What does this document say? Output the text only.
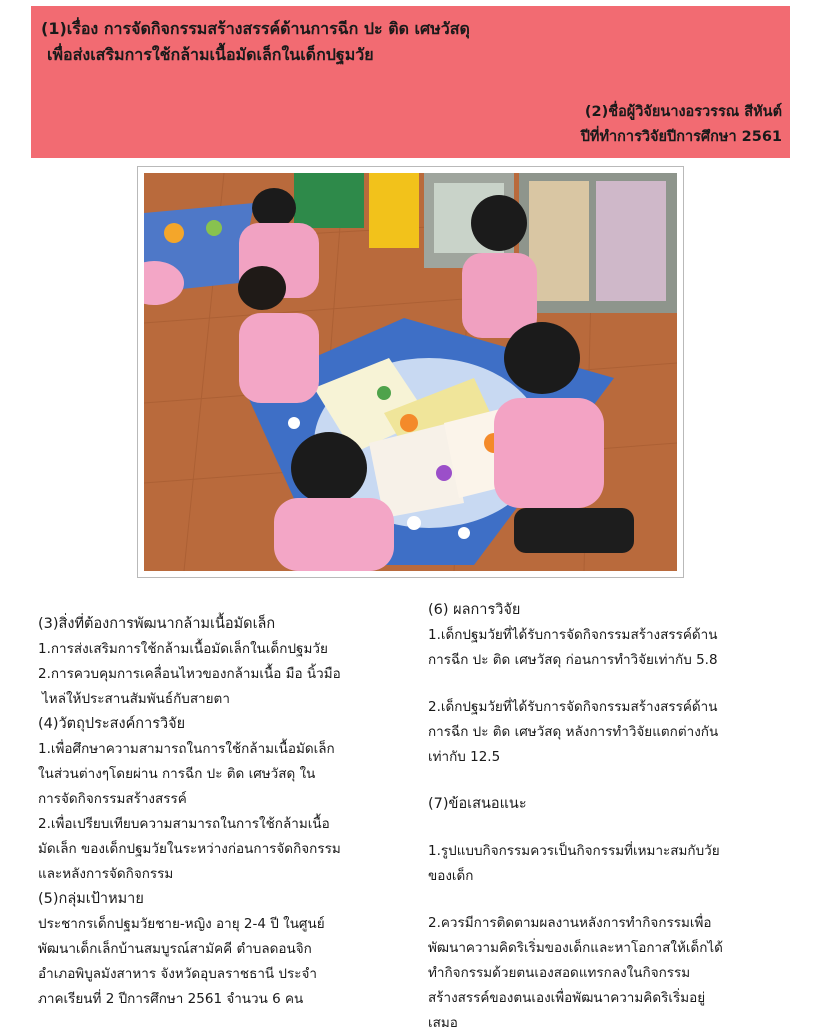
(1)เรื่อง การจัดกิจกรรมสร้างสรรค์ด้านการฉีก ปะ ติด เศษวัสดุ
เพื่อส่งเสริมการใช้กล้ามเนื้อมัดเล็กในเด็กปฐมวัย
(2)ชื่อผู้วิจัยนางอรวรรณ สีหันต์
ปีที่ทำการวิจัยปีการศึกษา 2561

(3)สิ่งที่ต้องการพัฒนากล้ามเนื้อมัดเล็ก

1.การส่งเสริมการใช้กล้ามเนื้อมัดเล็กในเด็กปฐมวัย

2.การควบคุมการเคลื่อนไหวของกล้ามเนื้อ มือ นิ้วมือ

ไหล่ให้ประสานสัมพันธ์กับสายตา

(4)วัตถุประสงค์การวิจัย

1.เพื่อศึกษาความสามารถในการใช้กล้ามเนื้อมัดเล็ก

ในส่วนต่างๆโดยผ่าน การฉีก ปะ ติด เศษวัสดุ ใน

การจัดกิจกรรมสร้างสรรค์

2.เพื่อเปรียบเทียบความสามารถในการใช้กล้ามเนื้อ

มัดเล็ก ของเด็กปฐมวัยในระหว่างก่อนการจัดกิจกรรม

และหลังการจัดกิจกรรม

(5)กลุ่มเป้าหมาย

ประชากรเด็กปฐมวัยชาย-หญิง อายุ 2-4 ปี ในศูนย์

พัฒนาเด็กเล็กบ้านสมบูรณ์สามัคคี ตำบลดอนจิก

อำเภอพิบูลมังสาหาร จังหวัดอุบลราชธานี ประจำ

ภาคเรียนที่ 2 ปีการศึกษา 2561 จำนวน 6 คน

(6) ผลการวิจัย

1.เด็กปฐมวัยที่ได้รับการจัดกิจกรรมสร้างสรรค์ด้าน

การฉีก ปะ ติด เศษวัสดุ ก่อนการทำวิจัยเท่ากับ 5.8

2.เด็กปฐมวัยที่ได้รับการจัดกิจกรรมสร้างสรรค์ด้าน

การฉีก ปะ ติด เศษวัสดุ หลังการทำวิจัยแตกต่างกัน

เท่ากับ 12.5

(7)ข้อเสนอแนะ

1.รูปแบบกิจกรรมควรเป็นกิจกรรมที่เหมาะสมกับวัย

ของเด็ก

2.ควรมีการติดตามผลงานหลังการทำกิจกรรมเพื่อ

พัฒนาความคิดริเริ่มของเด็กและหาโอกาสให้เด็กได้

ทำกิจกรรมด้วยตนเองสอดแทรกลงในกิจกรรม

สร้างสรรค์ของตนเองเพื่อพัฒนาความคิดริเริ่มอยู่

เสมอ
